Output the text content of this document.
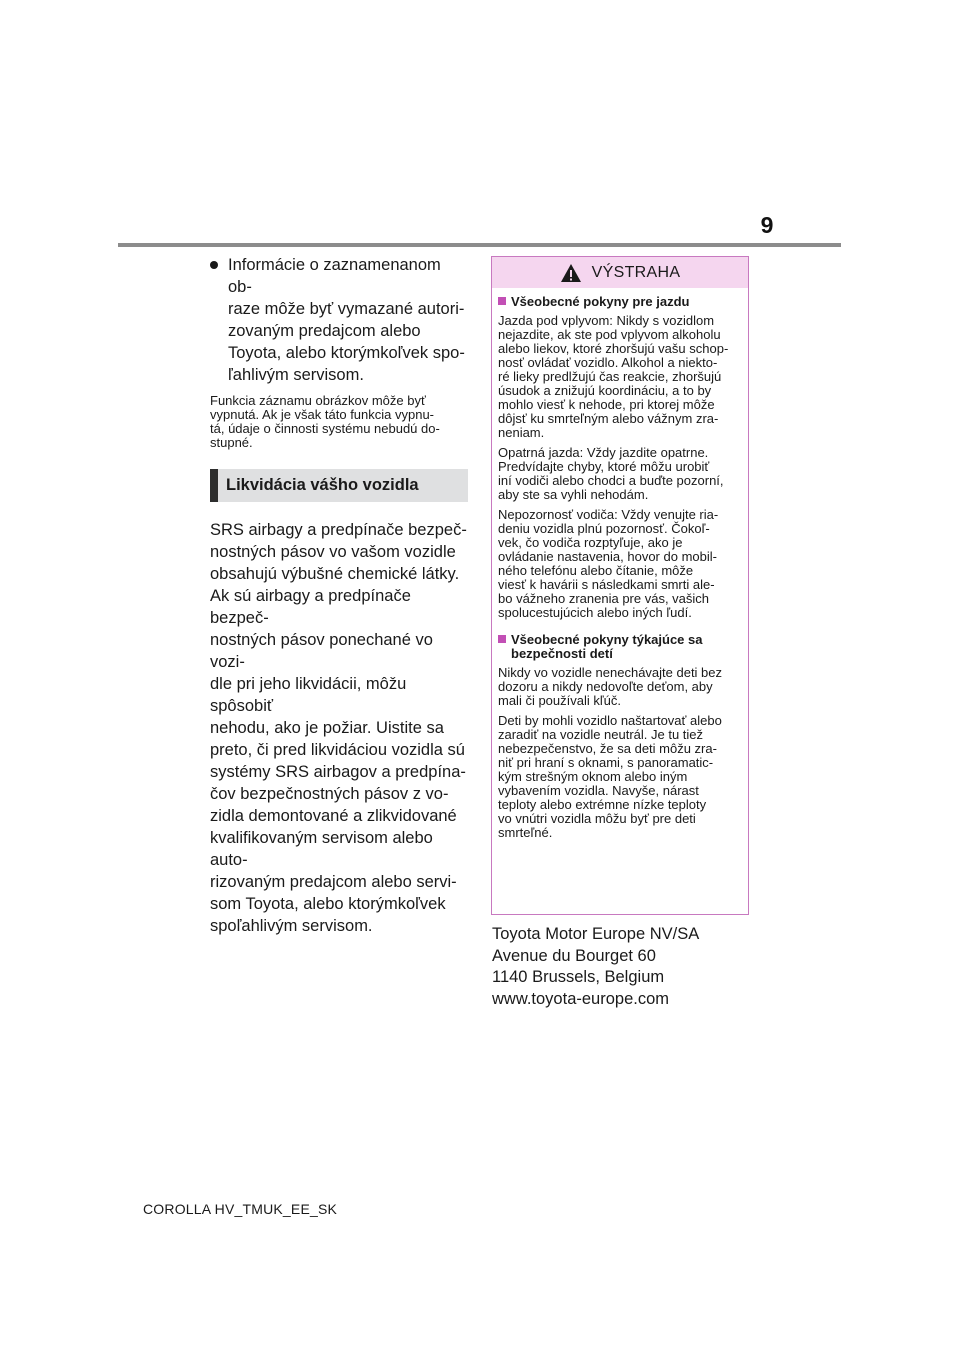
9
Informácie o zaznamenanom ob-
raze môže byť vymazané autori-
zovaným predajcom alebo
Toyota, alebo ktorýmkoľvek spo-
ľahlivým servisom.
Funkcia záznamu obrázkov môže byť
vypnutá. Ak je však táto funkcia vypnu-
tá, údaje o činnosti systému nebudú do-
stupné.
Likvidácia vášho vozidla
SRS airbagy a predpínače bezpeč-
nostných pásov vo vašom vozidle
obsahujú výbušné chemické látky.
Ak sú airbagy a predpínače bezpeč-
nostných pásov ponechané vo vozi-
dle pri jeho likvidácii, môžu spôsobiť
nehodu, ako je požiar. Uistite sa
preto, či pred likvidáciou vozidla sú
systémy SRS airbagov a predpína-
čov bezpečnostných pásov z vo-
zidla demontované a zlikvidované
kvalifikovaným servisom alebo auto-
rizovaným predajcom alebo servi-
som Toyota, alebo ktorýmkoľvek
spoľahlivým servisom.
VÝSTRAHA
Všeobecné pokyny pre jazdu
Jazda pod vplyvom: Nikdy s vozidlom
nejazdite, ak ste pod vplyvom alkoholu
alebo liekov, ktoré zhoršujú vašu schop-
nosť ovládať vozidlo. Alkohol a niekto-
ré lieky predlžujú čas reakcie, zhoršujú
úsudok a znižujú koordináciu, a to by
mohlo viesť k nehode, pri ktorej môže
dôjsť ku smrteľným alebo vážnym zra-
neniam.
Opatrná jazda: Vždy jazdite opatrne.
Predvídajte chyby, ktoré môžu urobiť
iní vodiči alebo chodci a buďte pozorní,
aby ste sa vyhli nehodám.
Nepozornosť vodiča: Vždy venujte ria-
deniu vozidla plnú pozornosť. Čokoľ-
vek, čo vodiča rozptyľuje, ako je
ovládanie nastavenia, hovor do mobil-
ného telefónu alebo čítanie, môže
viesť k havárii s následkami smrti ale-
bo vážneho zranenia pre vás, vašich
spolucestujúcich alebo iných ľudí.
Všeobecné pokyny týkajúce sa
bezpečnosti detí
Nikdy vo vozidle nenechávajte deti bez
dozoru a nikdy nedovoľte deťom, aby
mali či používali kľúč.
Deti by mohli vozidlo naštartovať alebo
zaradiť na vozidle neutrál. Je tu tiež
nebezpečenstvo, že sa deti môžu zra-
niť pri hraní s oknami, s panoramatic-
kým strešným oknom alebo iným
vybavením vozidla. Navyše, nárast
teploty alebo extrémne nízke teploty
vo vnútri vozidla môžu byť pre deti
smrteľné.
Toyota Motor Europe NV/SA
Avenue du Bourget 60
1140 Brussels, Belgium
www.toyota-europe.com
COROLLA HV_TMUK_EE_SK
